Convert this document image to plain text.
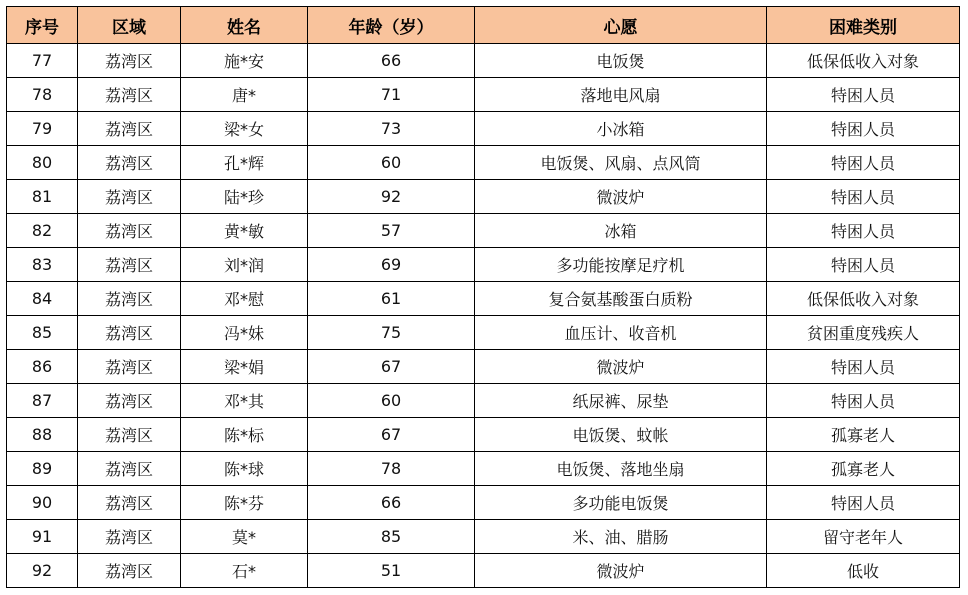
序号	区域	姓名	年龄（岁）	心愿	困难类别
77	荔湾区	施*安	66	电饭煲	低保低收入对象
78	荔湾区	唐*	71	落地电风扇	特困人员
79	荔湾区	梁*女	73	小冰箱	特困人员
80	荔湾区	孔*辉	60	电饭煲、风扇、点风筒	特困人员
81	荔湾区	陆*珍	92	微波炉	特困人员
82	荔湾区	黄*敏	57	冰箱	特困人员
83	荔湾区	刘*润	69	多功能按摩足疗机	特困人员
84	荔湾区	邓*慰	61	复合氨基酸蛋白质粉	低保低收入对象
85	荔湾区	冯*妹	75	血压计、收音机	贫困重度残疾人
86	荔湾区	梁*娟	67	微波炉	特困人员
87	荔湾区	邓*其	60	纸尿裤、尿垫	特困人员
88	荔湾区	陈*标	67	电饭煲、蚊帐	孤寡老人
89	荔湾区	陈*球	78	电饭煲、落地坐扇	孤寡老人
90	荔湾区	陈*芬	66	多功能电饭煲	特困人员
91	荔湾区	莫*	85	米、油、腊肠	留守老年人
92	荔湾区	石*	51	微波炉	低收
